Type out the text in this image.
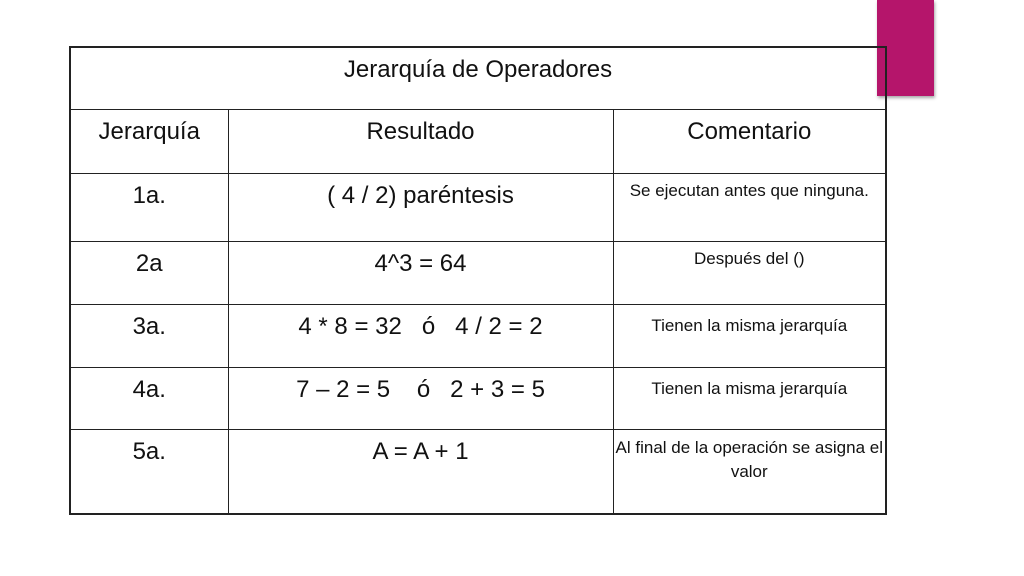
Jerarquía de Operadores		
Jerarquía	Resultado	Comentario
1a.	( 4 / 2) paréntesis	Se ejecutan antes que ninguna.
2a	4^3 = 64	Después del ()
3a.	4 * 8 = 32   ó   4 / 2 = 2	Tienen la misma jerarquía
4a.	7 – 2 = 5    ó   2 + 3 = 5	Tienen la misma jerarquía
5a.	A = A + 1	Al final de la operación se asigna el valor
